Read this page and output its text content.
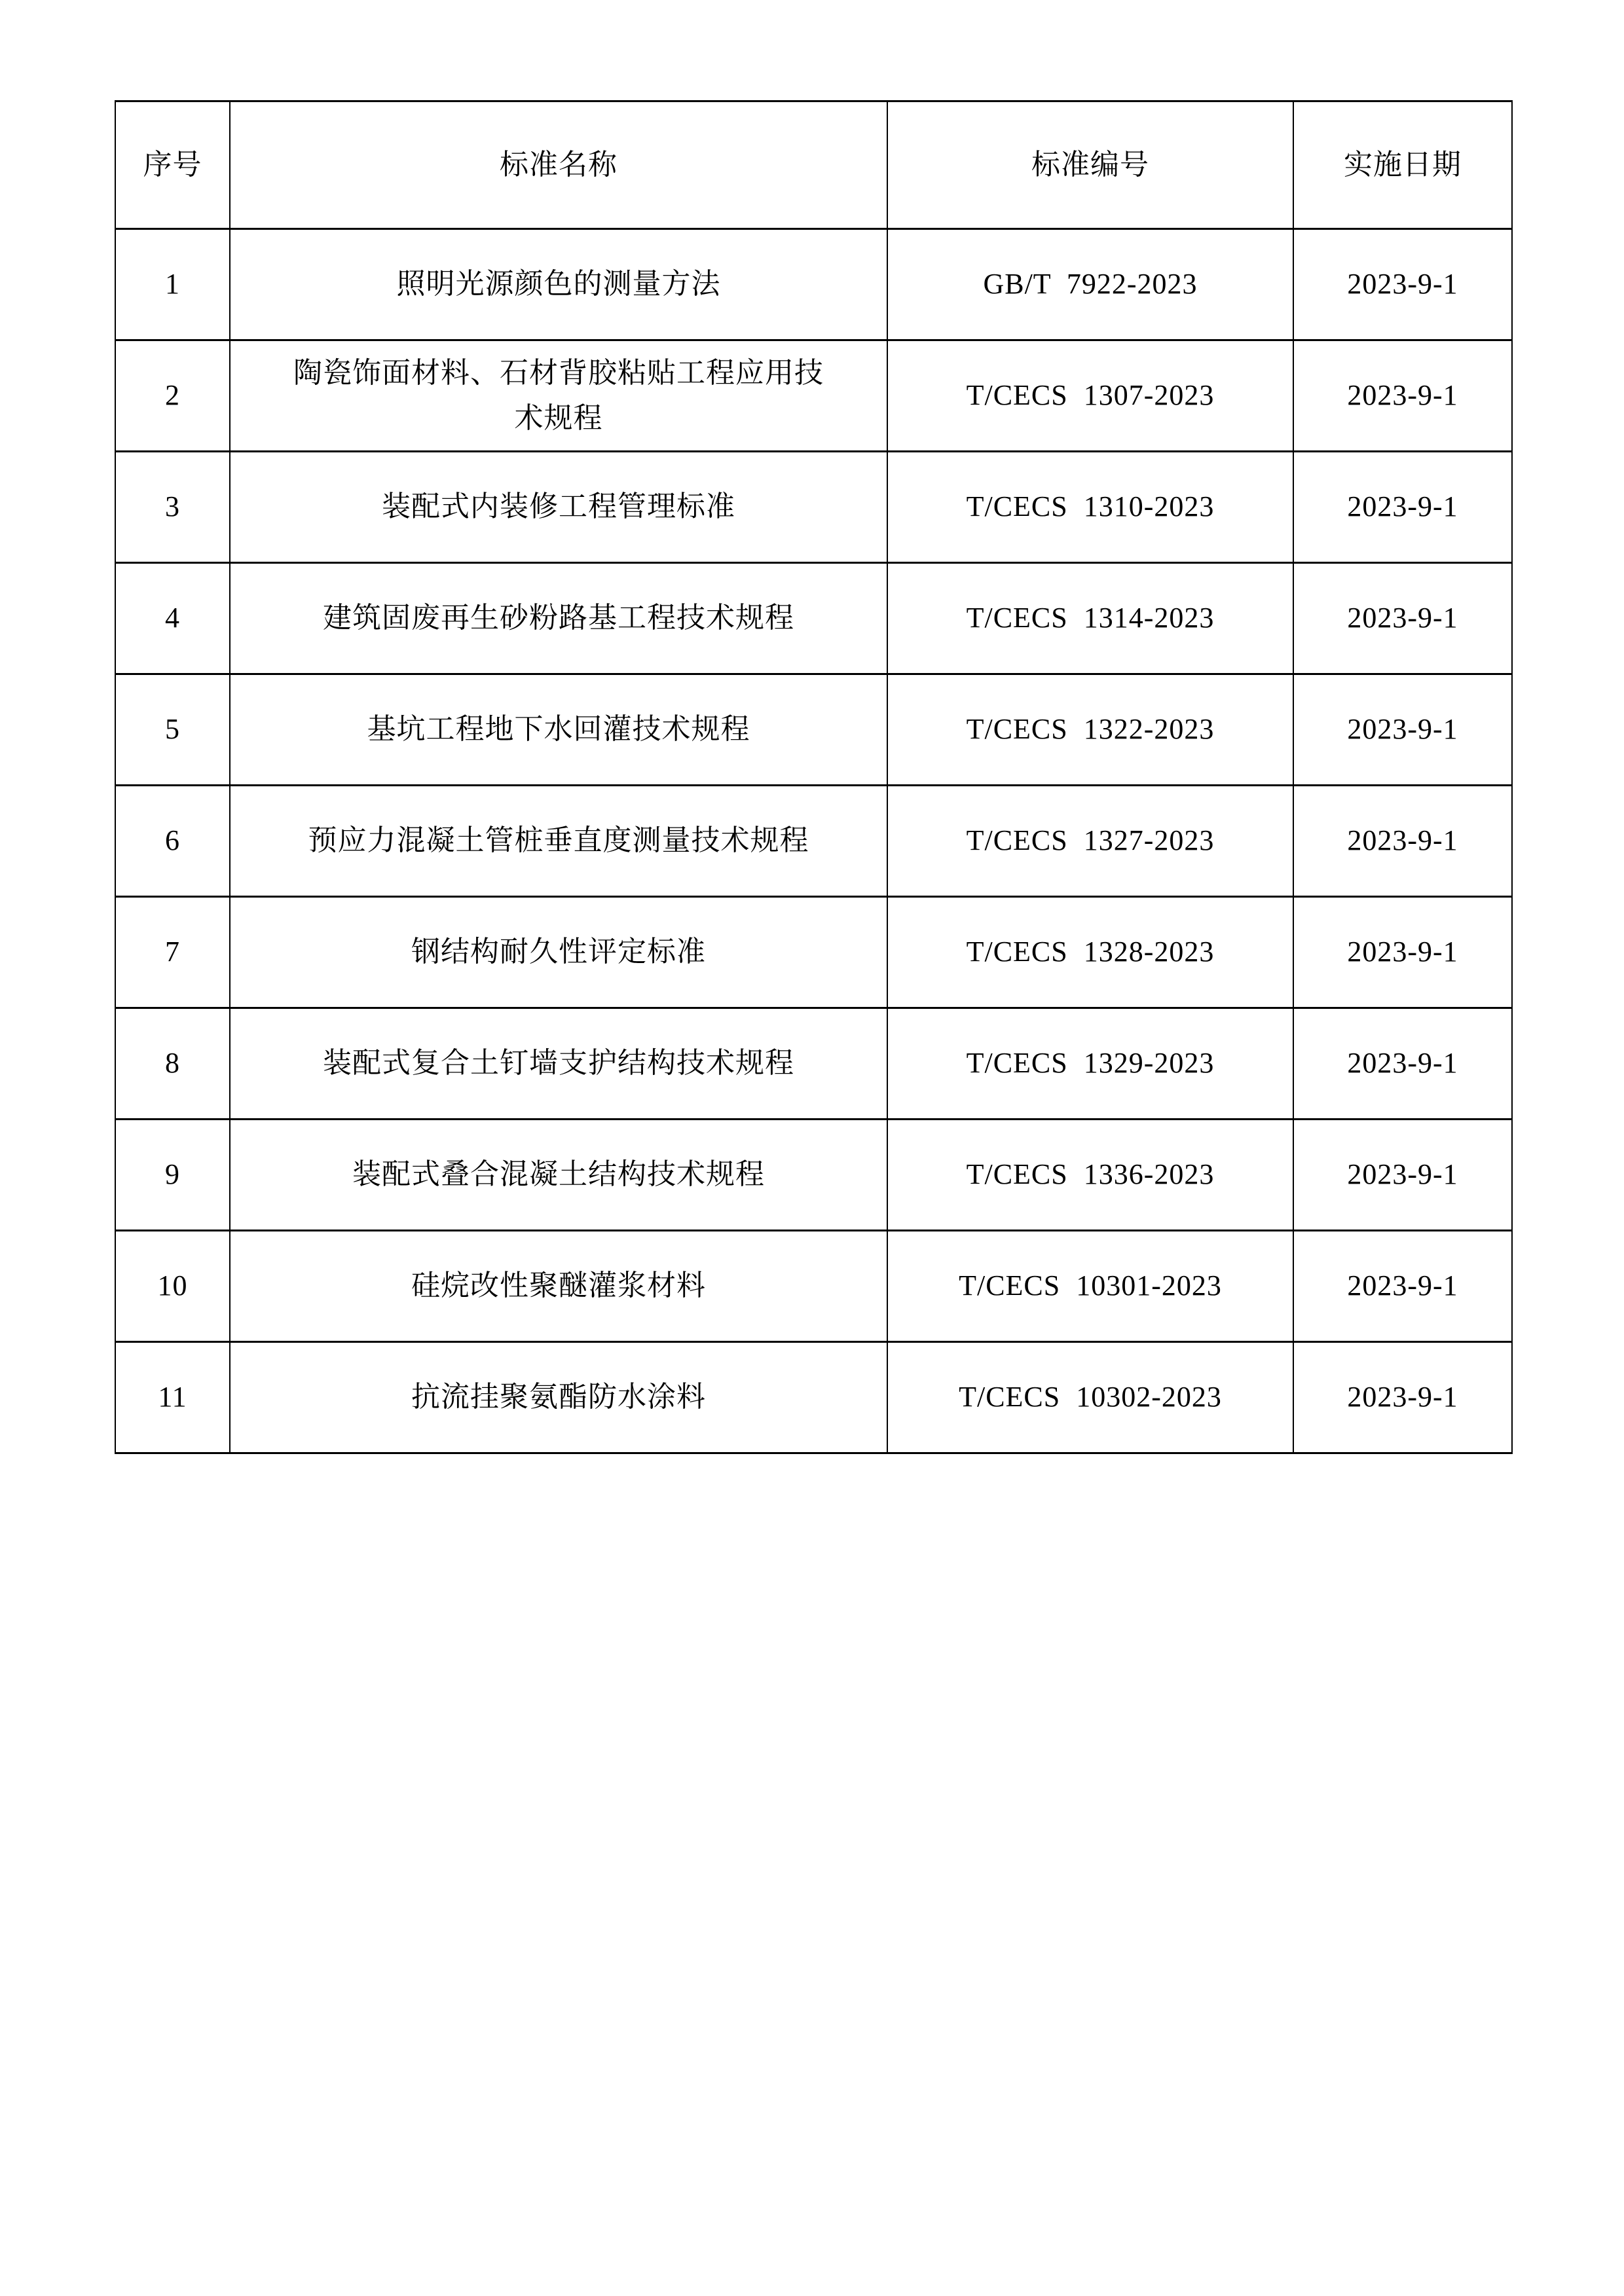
序号	标准名称	标准编号	实施日期
1	照明光源颜色的测量方法	GB/T  7922-2023	2023-9-1
2	陶瓷饰面材料、石材背胶粘贴工程应用技术规程	T/CECS  1307-2023	2023-9-1
3	装配式内装修工程管理标准	T/CECS  1310-2023	2023-9-1
4	建筑固废再生砂粉路基工程技术规程	T/CECS  1314-2023	2023-9-1
5	基坑工程地下水回灌技术规程	T/CECS  1322-2023	2023-9-1
6	预应力混凝土管桩垂直度测量技术规程	T/CECS  1327-2023	2023-9-1
7	钢结构耐久性评定标准	T/CECS  1328-2023	2023-9-1
8	装配式复合土钉墙支护结构技术规程	T/CECS  1329-2023	2023-9-1
9	装配式叠合混凝土结构技术规程	T/CECS  1336-2023	2023-9-1
10	硅烷改性聚醚灌浆材料	T/CECS  10301-2023	2023-9-1
11	抗流挂聚氨酯防水涂料	T/CECS  10302-2023	2023-9-1
